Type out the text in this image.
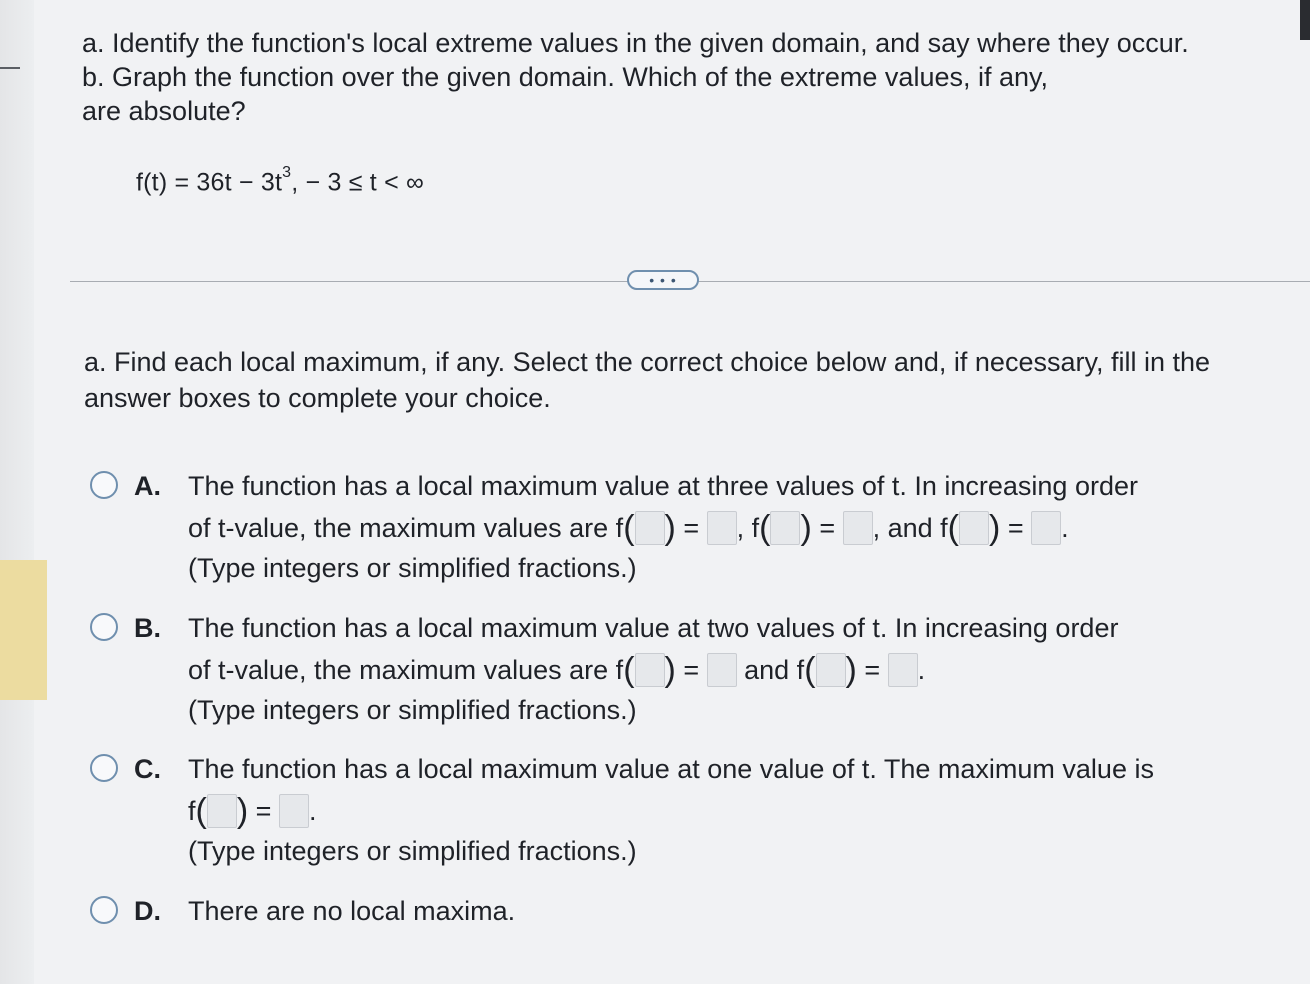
a. Identify the function's local extreme values in the given domain, and say where they occur.
b. Graph the function over the given domain. Which of the extreme values, if any,
are absolute?
$f(t) = 36t - 3t^3$, − 3 ≤ t < ∞
• • •
a. Find each local maximum, if any. Select the correct choice below and, if necessary, fill in the answer boxes to complete your choice.
A. The function has a local maximum value at three values of t. In increasing order
of t-value, the maximum values are f( ) = , f( ) = , and f( ) = .
(Type integers or simplified fractions.)
B. The function has a local maximum value at two values of t. In increasing order
of t-value, the maximum values are f( ) =  and f( ) = .
(Type integers or simplified fractions.)
C. The function has a local maximum value at one value of t. The maximum value is
f( ) = .
(Type integers or simplified fractions.)
D. There are no local maxima.
